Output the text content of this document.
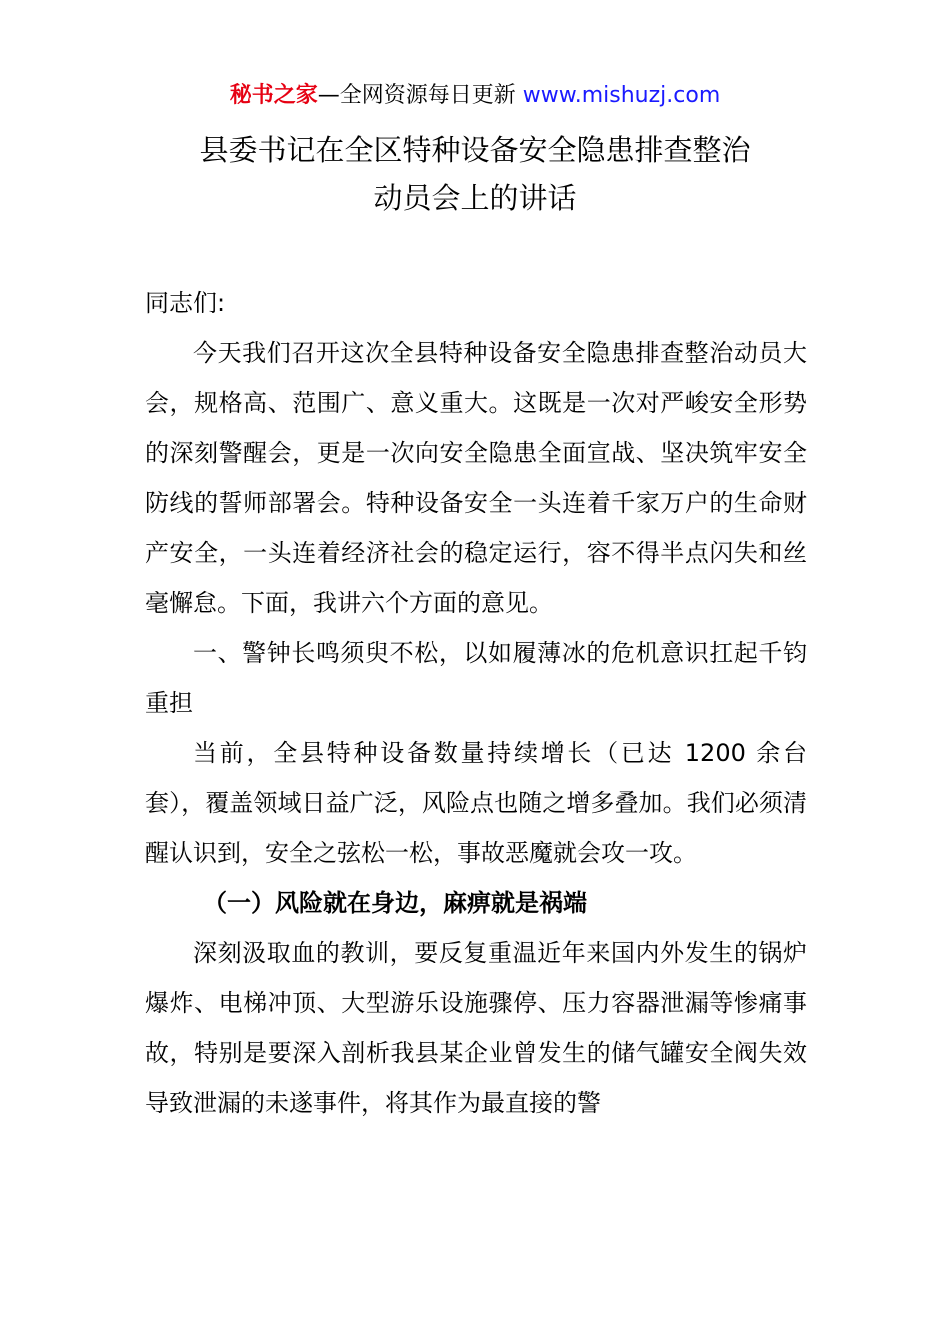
秘书之家—全网资源每日更新 www.mishuzj.com
县委书记在全区特种设备安全隐患排查整治
动员会上的讲话

同志们:

今天我们召开这次全县特种设备安全隐患排查整治动员大会，规格高、范围广、意义重大。这既是一次对严峻安全形势的深刻警醒会，更是一次向安全隐患全面宣战、坚决筑牢安全防线的誓师部署会。特种设备安全一头连着千家万户的生命财产安全，一头连着经济社会的稳定运行，容不得半点闪失和丝毫懈怠。下面，我讲六个方面的意见。

一、警钟长鸣须臾不松，以如履薄冰的危机意识扛起千钧重担

当前，全县特种设备数量持续增长（已达 1200 余台套），覆盖领域日益广泛，风险点也随之增多叠加。我们必须清醒认识到，安全之弦松一松，事故恶魔就会攻一攻。

（一）风险就在身边，麻痹就是祸端

深刻汲取血的教训，要反复重温近年来国内外发生的锅炉爆炸、电梯冲顶、大型游乐设施骤停、压力容器泄漏等惨痛事故，特别是要深入剖析我县某企业曾发生的储气罐安全阀失效导致泄漏的未遂事件，将其作为最直接的警
